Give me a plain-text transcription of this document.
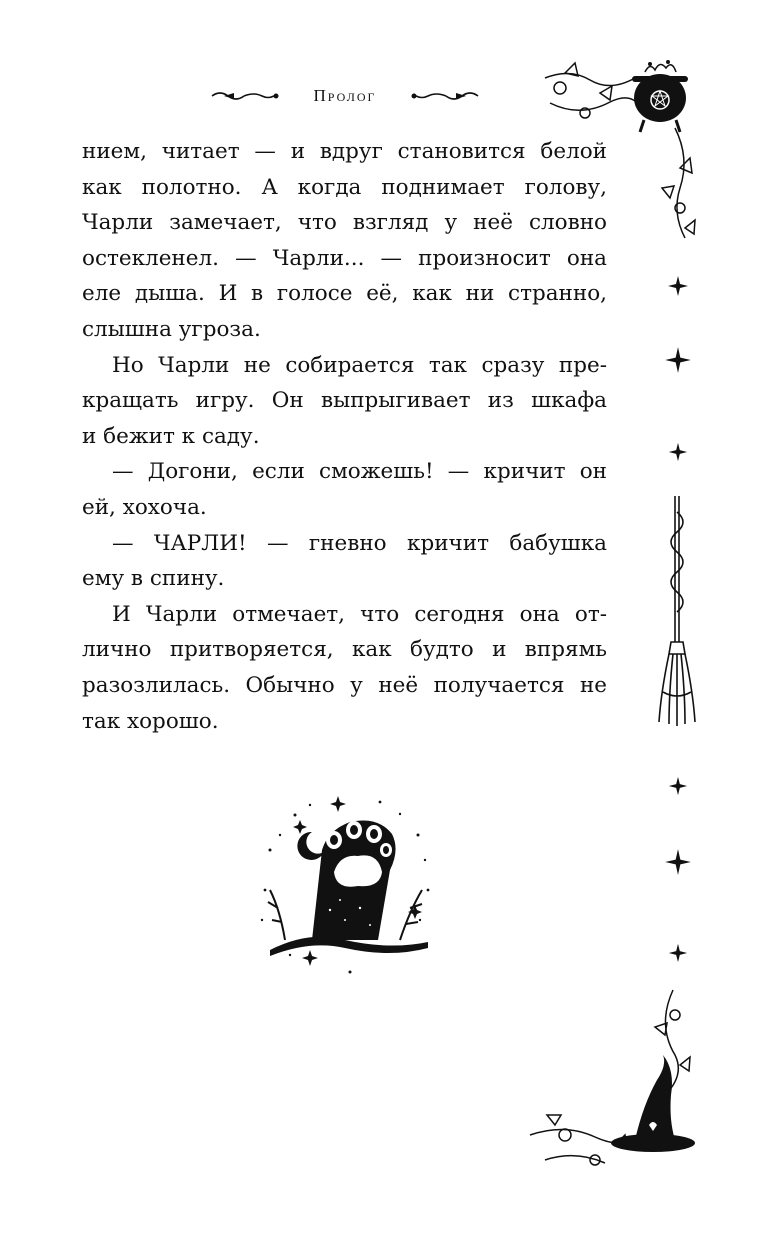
Пролог

нием, читает — и вдруг становится белой
как полотно. А когда поднимает голову,
Чарли замечает, что взгляд у неё словно
остекленел. — Чарли... — произносит она
еле дыша. И в голосе её, как ни странно,
слышна угроза.

Но Чарли не собирается так сразу пре-
кращать игру. Он выпрыгивает из шкафа
и бежит к саду.

— Догони, если сможешь! — кричит он
ей, хохоча.

— ЧАРЛИ! — гневно кричит бабушка
ему в спину.

И Чарли отмечает, что сегодня она от-
лично притворяется, как будто и впрямь
разозлилась. Обычно у неё получается не
так хорошо.
